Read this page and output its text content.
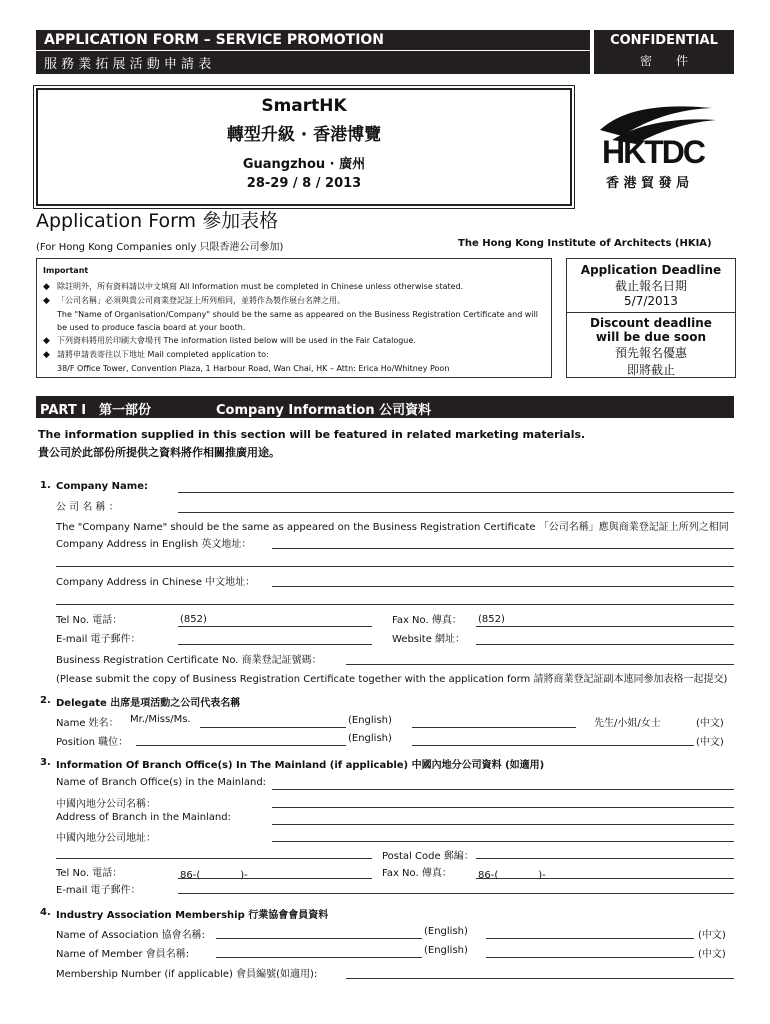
APPLICATION FORM – SERVICE PROMOTION
服 務 業 拓 展 活 動 申 請 表
CONFIDENTIAL
密　　件
SmartHK
轉型升級 · 香港博覽
Guangzhou · 廣州
28-29 / 8 / 2013
HKTDC
香 港 貿 發 局
Application Form 參加表格
(For Hong Kong Companies only 只限香港公司參加)	The Hong Kong Institute of Architects (HKIA)
Important
◆ 除註明外，所有資料請以中文填寫 All Information must be completed in Chinese unless otherwise stated.
◆ 「公司名稱」必須與貴公司商業登記証上所列相同，並將作為製作展台名牌之用。
The "Name of Organisation/Company" should be the same as appeared on the Business Registration Certificate and will be used to produce fascia board at your booth.
◆ 下列資料將用於印刷大會場刊 The information listed below will be used in the Fair Catalogue.
◆ 請將申請表寄往以下地址 Mail completed application to:
38/F Office Tower, Convention Plaza, 1 Harbour Road, Wan Chai, HK – Attn: Erica Ho/Whitney Poon
Application Deadline
截止報名日期
5/7/2013
Discount deadline
will be due soon
預先報名優惠
即將截止
PART I　第一部份	Company Information 公司資料
The information supplied in this section will be featured in related marketing materials.
貴公司於此部份所提供之資料將作相關推廣用途。
1. Company Name:
公 司 名 稱 ：
The "Company Name" should be the same as appeared on the Business Registration Certificate 「公司名稱」應與商業登記証上所列之相同
Company Address in English 英文地址：
Company Address in Chinese 中文地址：
Tel No. 電話：	(852)	Fax No. 傳真： (852)
E-mail 電子郵件：	Website 網址：
Business Registration Certificate No. 商業登記証號碼：
(Please submit the copy of Business Registration Certificate together with the application form 請將商業登記証副本連同參加表格一起提交)
2. Delegate 出席是項活動之公司代表名稱
Name 姓名： Mr./Miss/Ms.	(English)	先生/小姐/女士	(中文)
Position 職位：	(English)	(中文)
3. Information Of Branch Office(s) In The Mainland (if applicable) 中國內地分公司資料 (如適用)
Name of Branch Office(s) in the Mainland:
中國內地分公司名稱：
Address of Branch in the Mainland:
中國內地分公司地址：
Postal Code 郵編：
Tel No. 電話：	86-(　　　　)-	Fax No. 傳真：	86-(　　　　)-
E-mail 電子郵件：
4. Industry Association Membership 行業協會會員資料
Name of Association 協會名稱:	(English)	(中文)
Name of Member 會員名稱:	(English)	(中文)
Membership Number (if applicable) 會員編號(如適用):
